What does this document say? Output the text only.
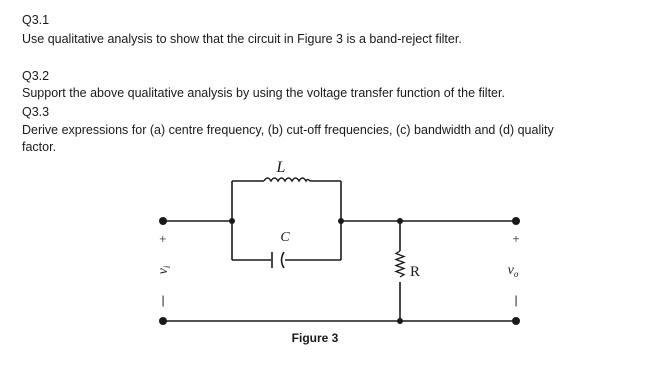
Q3.1
Use qualitative analysis to show that the circuit in Figure 3 is a band-reject filter.
Q3.2
Support the above qualitative analysis by using the voltage transfer function of the filter.
Q3.3
Derive expressions for (a) centre frequency, (b) cut-off frequencies, (c) bandwidth and (d) quality
factor.
L
C
R
+
$v_i$
|
+
$v_o$
|
Figure 3
